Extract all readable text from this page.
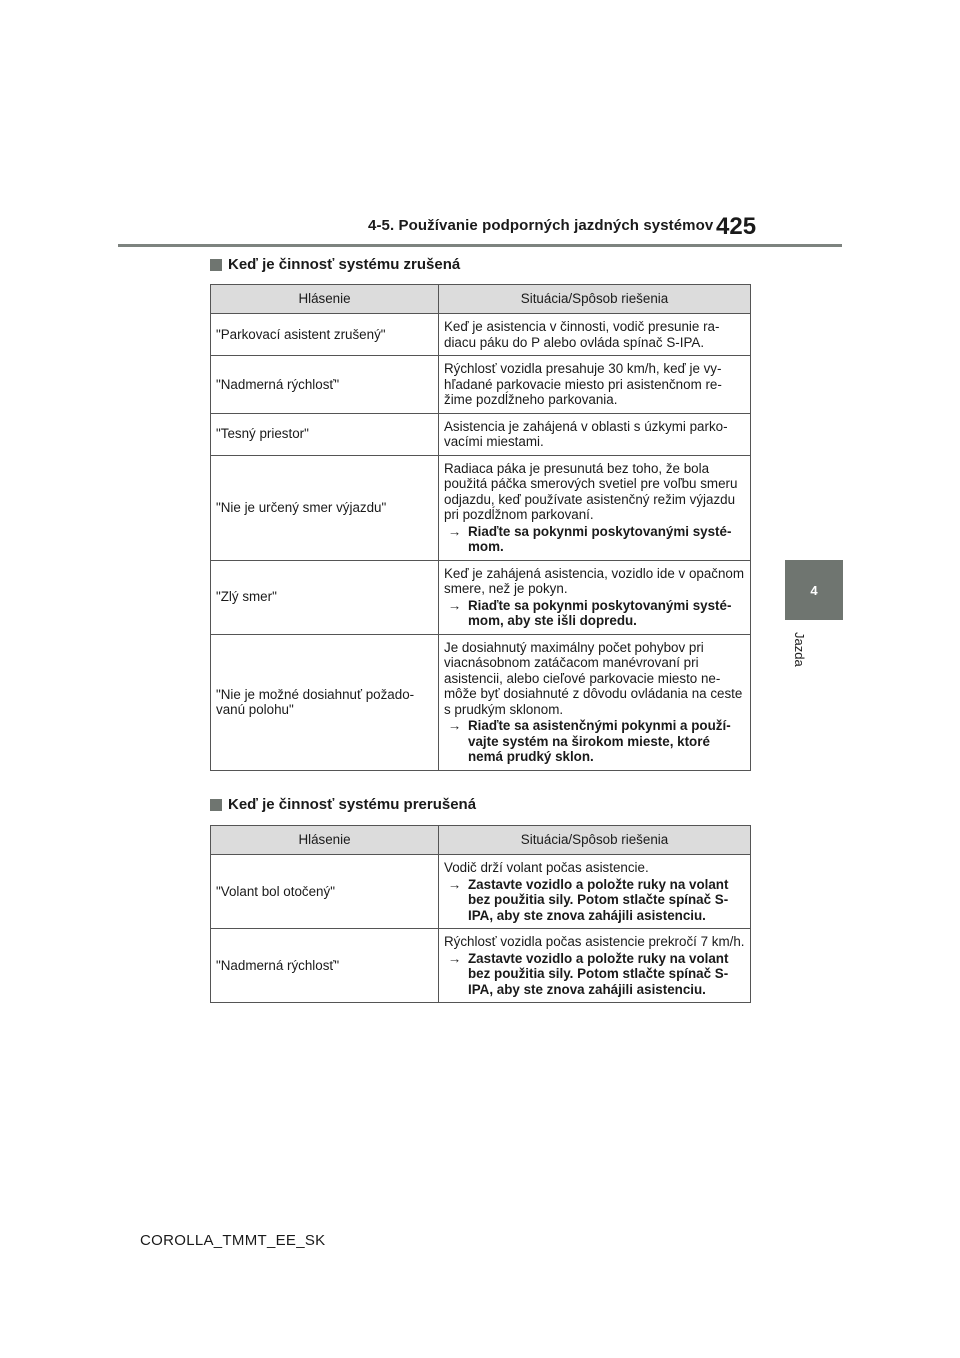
4-5. Používanie podporných jazdných systémov 425
4
Jazda
Keď je činnosť systému zrušená
Hlásenie	Situácia/Spôsob riešenia
"Parkovací asistent zrušený"	Keď je asistencia v činnosti, vodič presunie radiacu páku do P alebo ovláda spínač S-IPA.

"Nadmerná rýchlosť"	Rýchlosť vozidla presahuje 30 km/h, keď je vyhľadané parkovacie miesto pri asistenčnom režime pozdĺžneho parkovania.

"Tesný priestor"	Asistencia je zahájená v oblasti s úzkymi parkovacími miestami.

"Nie je určený smer výjazdu"	Radiaca páka je presunutá bez toho, že bola použitá páčka smerových svetiel pre voľbu smeru odjazdu, keď používate asistenčný režim výjazdu pri pozdĺžnom parkovaní.
→ Riaďte sa pokynmi poskytovanými systémom.

"Zlý smer"	Keď je zahájená asistencia, vozidlo ide v opačnom smere, než je pokyn.
→ Riaďte sa pokynmi poskytovanými systémom, aby ste išli dopredu.

"Nie je možné dosiahnuť požadovanú polohu"	Je dosiahnutý maximálny počet pohybov pri viacnásobnom zatáčacom manévrovaní pri asistencii, alebo cieľové parkovacie miesto nemôže byť dosiahnuté z dôvodu ovládania na ceste s prudkým sklonom.
→ Riaďte sa asistenčnými pokynmi a používajte systém na širokom mieste, ktoré nemá prudký sklon.
Keď je činnosť systému prerušená
Hlásenie	Situácia/Spôsob riešenia
"Volant bol otočený"	Vodič drží volant počas asistencie.
→ Zastavte vozidlo a položte ruky na volant bez použitia sily. Potom stlačte spínač S-IPA, aby ste znova zahájili asistenciu.

"Nadmerná rýchlosť"	Rýchlosť vozidla počas asistencie prekročí 7 km/h.
→ Zastavte vozidlo a položte ruky na volant bez použitia sily. Potom stlačte spínač S-IPA, aby ste znova zahájili asistenciu.
COROLLA_TMMT_EE_SK
